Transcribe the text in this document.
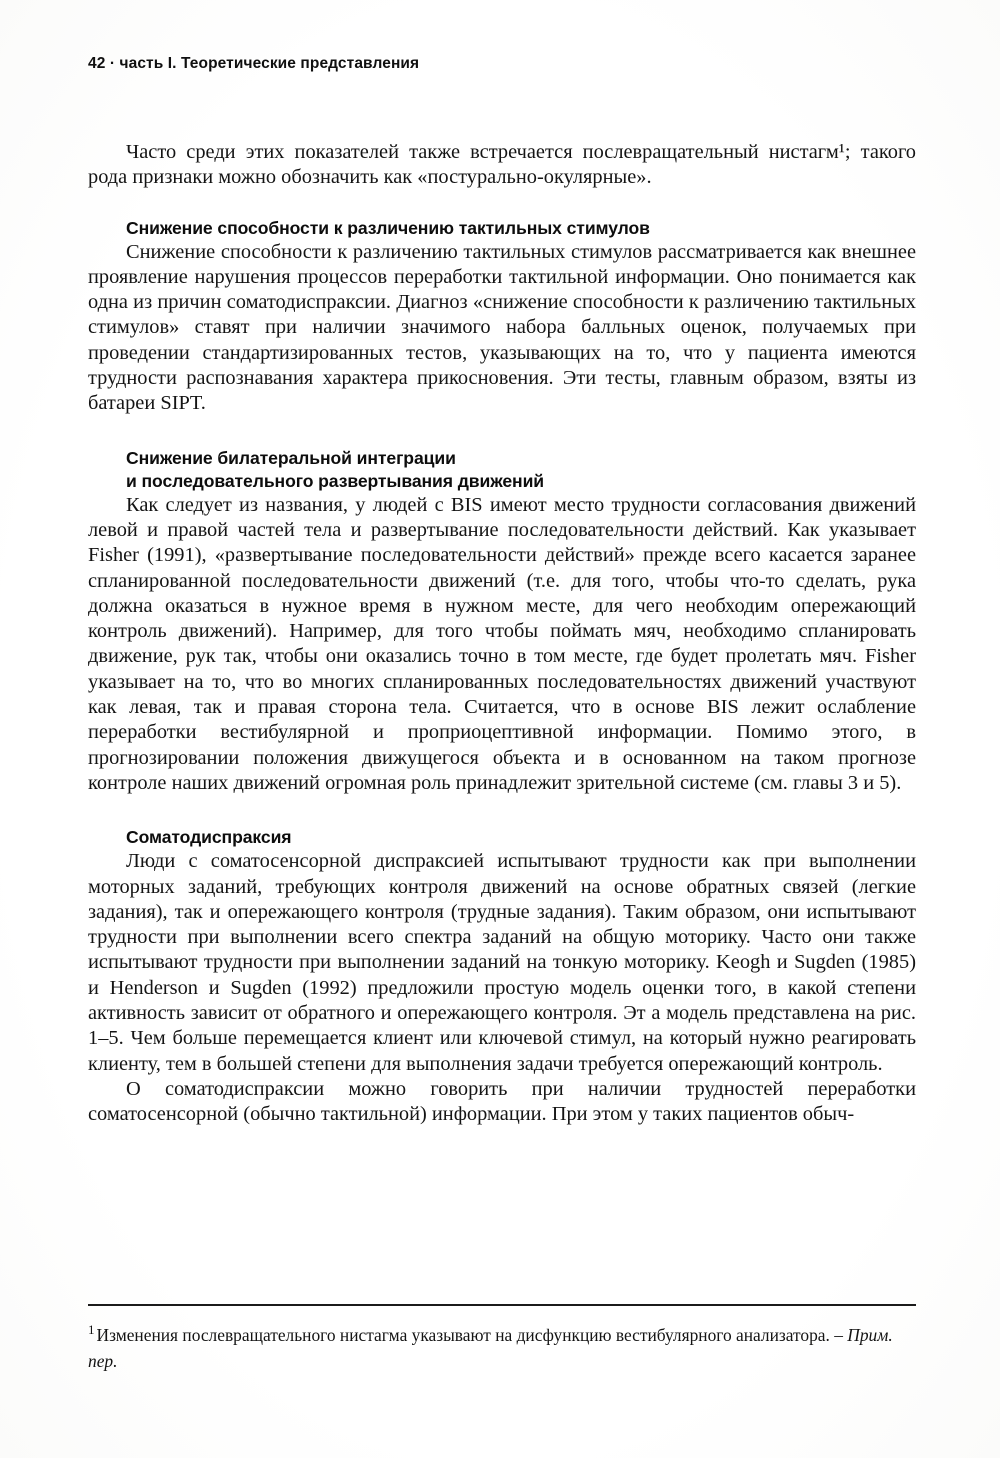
42 · часть I. Теоретические представления

Часто среди этих показателей также встречается послевращательный нистагм¹; такого рода признаки можно обозначить как «постурально-окулярные».

Снижение способности к различению тактильных стимулов

Снижение способности к различению тактильных стимулов рассматривается как внешнее проявление нарушения процессов переработки тактильной информации. Оно понимается как одна из причин соматодиспраксии. Диагноз «снижение способности к различению тактильных стимулов» ставят при наличии значимого набора балльных оценок, получаемых при проведении стандартизированных тестов, указывающих на то, что у пациента имеются трудности распознавания характера прикосновения. Эти тесты, главным образом, взяты из батареи SIPT.

Снижение билатеральной интеграции
и последовательного развертывания движений

Как следует из названия, у людей с BIS имеют место трудности согласования движений левой и правой частей тела и развертывание последовательности действий. Как указывает Fisher (1991), «развертывание последовательности действий» прежде всего касается заранее спланированной последовательности движений (т.е. для того, чтобы что-то сделать, рука должна оказаться в нужное время в нужном месте, для чего необходим опережающий контроль движений). Например, для того чтобы поймать мяч, необходимо спланировать движение, рук так, чтобы они оказались точно в том месте, где будет пролетать мяч. Fisher указывает на то, что во многих спланированных последовательностях движений участвуют как левая, так и правая сторона тела. Считается, что в основе BIS лежит ослабление переработки вестибулярной и проприоцептивной информации. Помимо этого, в прогнозировании положения движущегося объекта и в основанном на таком прогнозе контроле наших движений огромная роль принадлежит зрительной системе (см. главы 3 и 5).

Соматодиспраксия

Люди с соматосенсорной диспраксией испытывают трудности как при выполнении моторных заданий, требующих контроля движений на основе обратных связей (легкие задания), так и опережающего контроля (трудные задания). Таким образом, они испытывают трудности при выполнении всего спектра заданий на общую моторику. Часто они также испытывают трудности при выполнении заданий на тонкую моторику. Keogh и Sugden (1985) и Henderson и Sugden (1992) предложили простую модель оценки того, в какой степени активность зависит от обратного и опережающего контроля. Эт а модель представлена на рис. 1–5. Чем больше перемещается клиент или ключевой стимул, на который нужно реагировать клиенту, тем в большей степени для выполнения задачи требуется опережающий контроль.

О соматодиспраксии можно говорить при наличии трудностей переработки соматосенсорной (обычно тактильной) информации. При этом у таких пациентов обыч-

$^1$ Изменения послевращательного нистагма указывают на дисфункцию вестибулярного анализатора. – Прим. пер.
